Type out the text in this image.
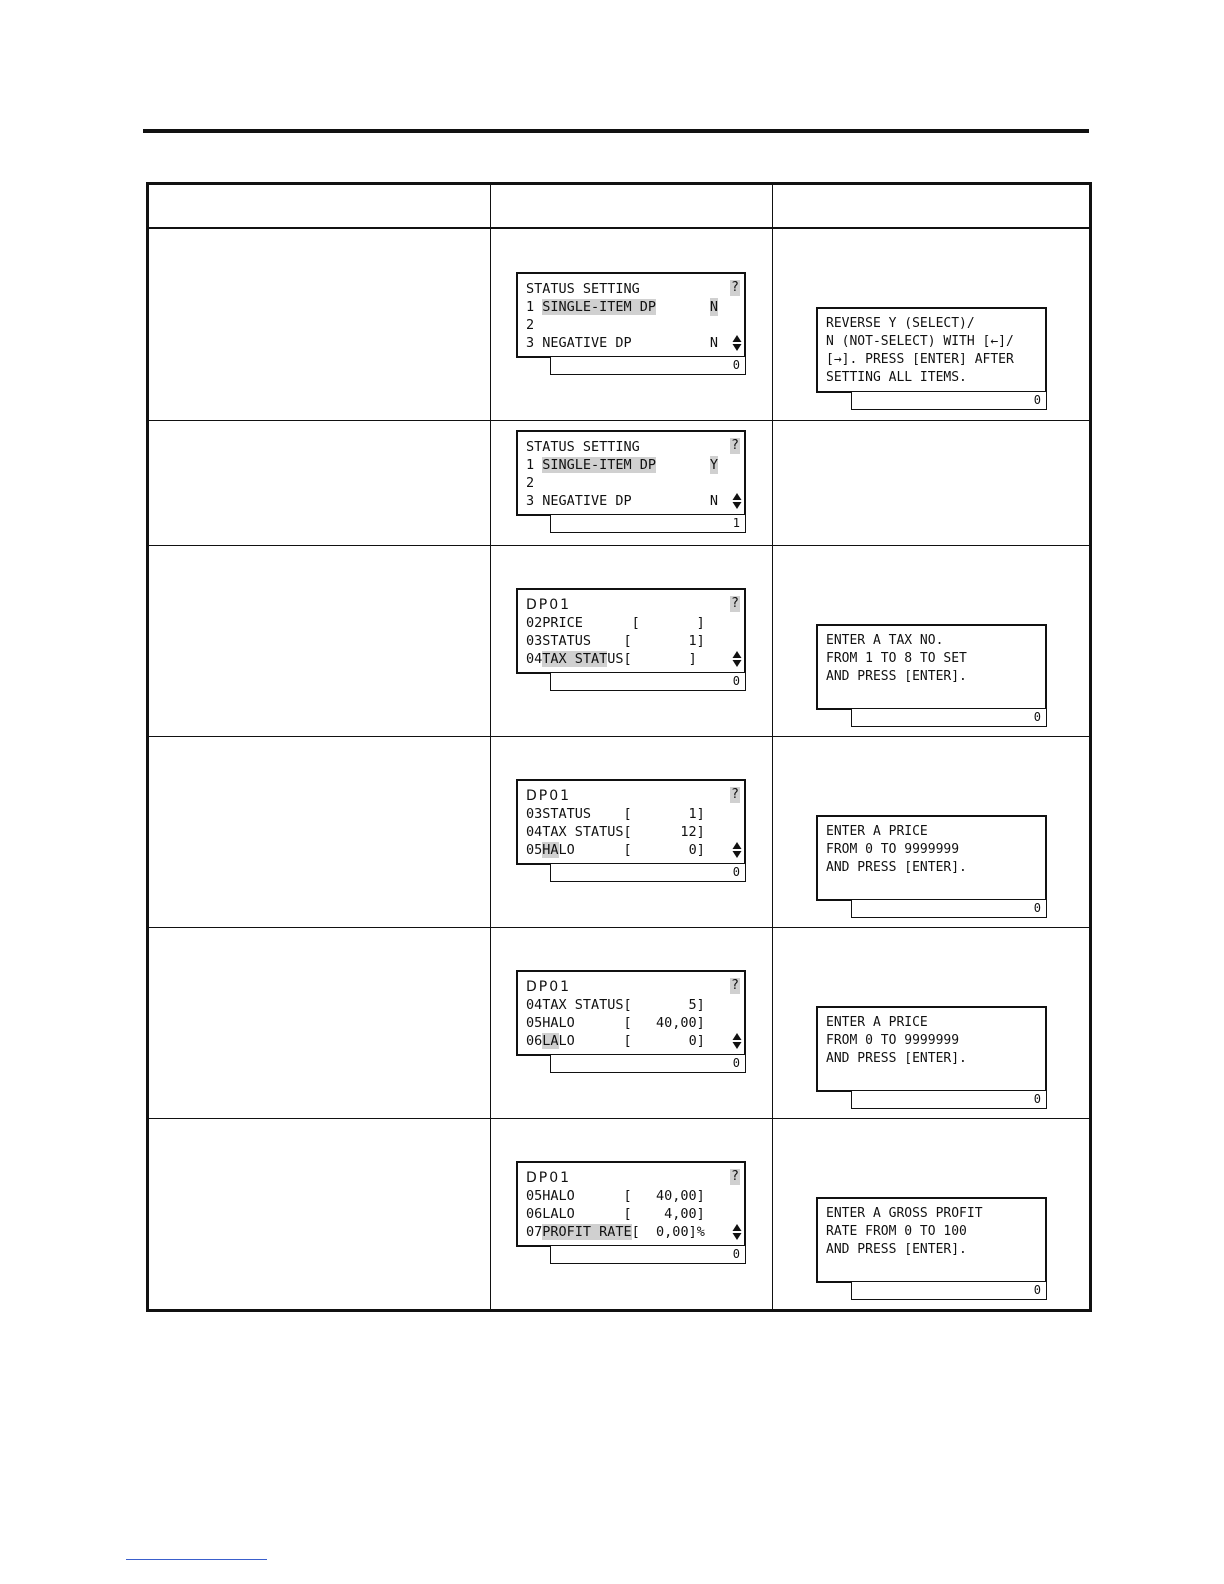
STATUS SETTING	?
1 SINGLE-ITEM DP	N
2
3 NEGATIVE DP	N
0
REVERSE Y (SELECT)/
N (NOT-SELECT) WITH [←]/
[→]. PRESS [ENTER] AFTER
SETTING ALL ITEMS.
0
STATUS SETTING	?
1 SINGLE-ITEM DP	Y
2
3 NEGATIVE DP	N
1
DP01	?
02PRICE      [       ]
03STATUS    [       1]
04TAX STATUS[       ]
0
ENTER A TAX NO.
FROM 1 TO 8 TO SET
AND PRESS [ENTER].
0
DP01	?
03STATUS    [       1]
04TAX STATUS[      12]
05HALO      [       0]
0
ENTER A PRICE
FROM 0 TO 9999999
AND PRESS [ENTER].
0
DP01	?
04TAX STATUS[       5]
05HALO      [   40,00]
06LALO      [       0]
0
ENTER A PRICE
FROM 0 TO 9999999
AND PRESS [ENTER].
0
DP01	?
05HALO      [   40,00]
06LALO      [    4,00]
07PROFIT RATE[  0,00]%
0
ENTER A GROSS PROFIT
RATE FROM 0 TO 100
AND PRESS [ENTER].
0
